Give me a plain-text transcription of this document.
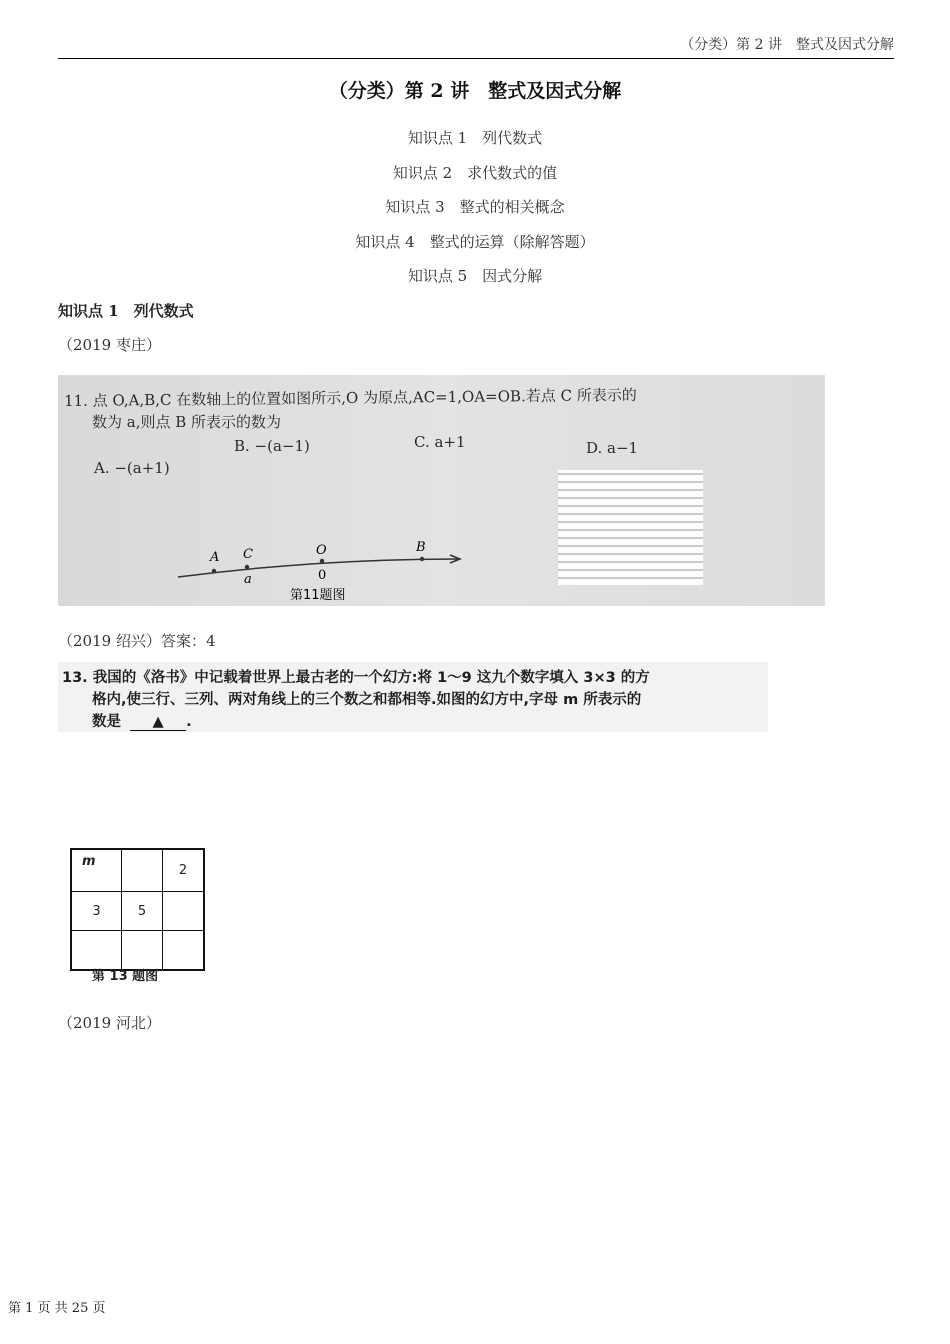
（分类）第 2 讲　整式及因式分解
（分类）第 2 讲　整式及因式分解
知识点 1　列代数式
知识点 2　求代数式的值
知识点 3　整式的相关概念
知识点 4　整式的运算（除解答题）
知识点 5　因式分解
知识点 1　列代数式
（2019 枣庄）
11. 点 O,A,B,C 在数轴上的位置如图所示,O 为原点,AC=1,OA=OB.若点 C 所表示的
数为 a,则点 B 所表示的数为
A. −(a+1)
B. −(a−1)	C. a+1	D. a−1
A C	O	B
a	0
第11题图
（2019 绍兴）答案：4
13. 我国的《洛书》中记载着世界上最古老的一个幻方:将 1～9 这九个数字填入 3×3 的方
格内,使三行、三列、两对角线上的三个数之和都相等.如图的幻方中,字母 m 所表示的
数是 ▲ .
m		2
3	5	

第 13 题图
（2019 河北）
第 1 页 共 25 页
